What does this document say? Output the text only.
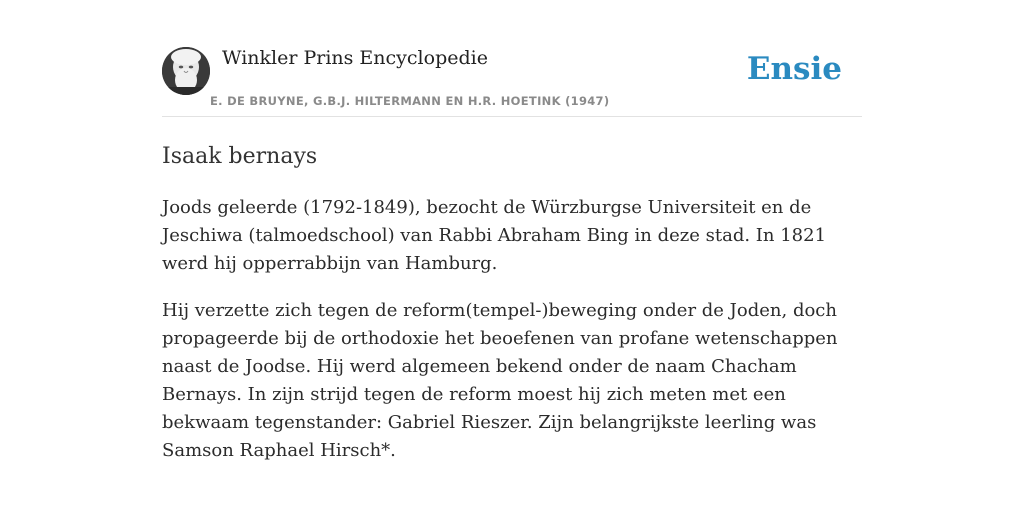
Winkler Prins Encyclopedie
E. DE BRUYNE, G.B.J. HILTERMANN EN H.R. HOETINK (1947)
Ensie
Isaak bernays

Joods geleerde (1792-1849), bezocht de Würzburgse Universiteit en de Jeschiwa (talmoedschool) van Rabbi Abraham Bing in deze stad. In 1821 werd hij opperrabbijn van Hamburg.

Hij verzette zich tegen de reform(tempel-)beweging onder de Joden, doch propageerde bij de orthodoxie het beoefenen van profane wetenschappen naast de Joodse. Hij werd algemeen bekend onder de naam Chacham Bernays. In zijn strijd tegen de reform moest hij zich meten met een bekwaam tegenstander: Gabriel Rieszer. Zijn belangrijkste leerling was Samson Raphael Hirsch*.
